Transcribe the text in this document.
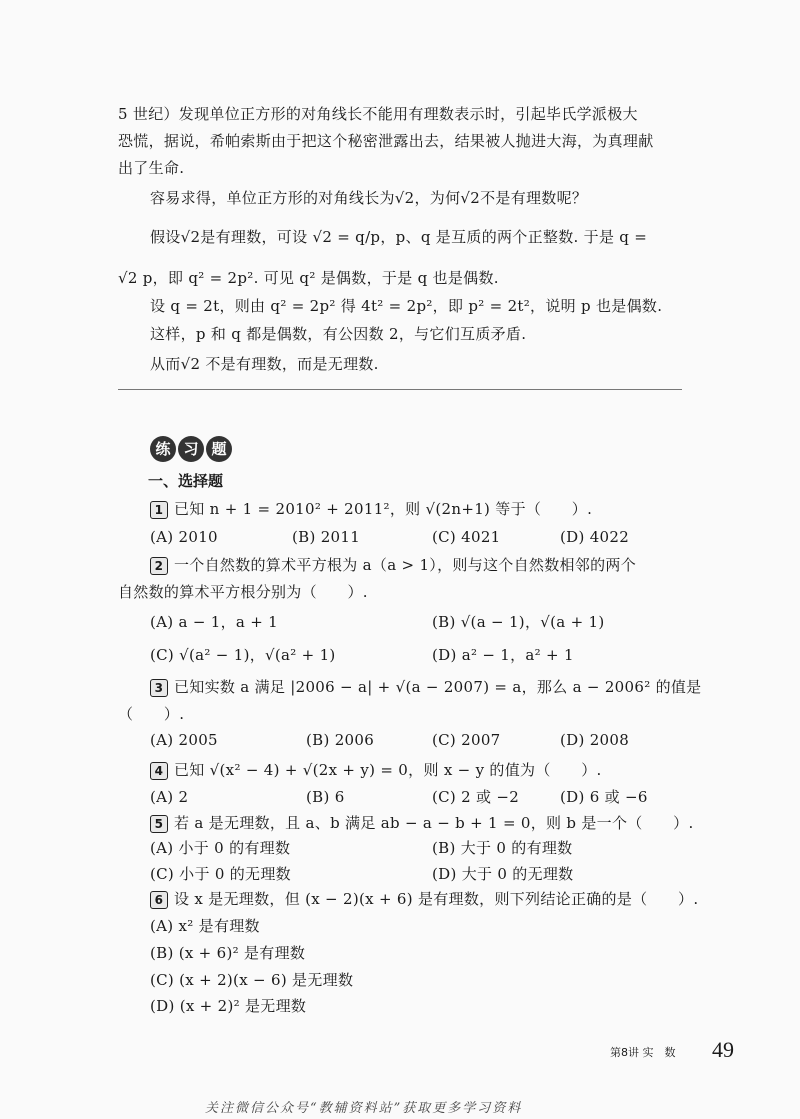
5 世纪）发现单位正方形的对角线长不能用有理数表示时，引起毕氏学派极大
恐慌，据说，希帕索斯由于把这个秘密泄露出去，结果被人抛进大海，为真理献
出了生命.
容易求得，单位正方形的对角线长为√2，为何√2不是有理数呢？
假设√2是有理数，可设 √2 = q/p，p、q 是互质的两个正整数. 于是 q =
√2 p，即 q² = 2p². 可见 q² 是偶数，于是 q 也是偶数.
设 q = 2t，则由 q² = 2p² 得 4t² = 2p²，即 p² = 2t²，说明 p 也是偶数.
这样，p 和 q 都是偶数，有公因数 2，与它们互质矛盾.
从而√2 不是有理数，而是无理数.
练 习 题
一、选择题
1 已知 n + 1 = 2010² + 2011²，则 √(2n+1) 等于（　　）.
(A) 2010	(B) 2011	(C) 4021	(D) 4022
2 一个自然数的算术平方根为 a（a > 1），则与这个自然数相邻的两个
自然数的算术平方根分别为（　　）.
(A) a − 1，a + 1	(B) √(a − 1)，√(a + 1)
(C) √(a² − 1)，√(a² + 1)	(D) a² − 1，a² + 1
3 已知实数 a 满足 |2006 − a| + √(a − 2007) = a，那么 a − 2006² 的值是
（　　）.
(A) 2005	(B) 2006	(C) 2007	(D) 2008
4 已知 √(x² − 4) + √(2x + y) = 0，则 x − y 的值为（　　）.
(A) 2	(B) 6	(C) 2 或 −2	(D) 6 或 −6
5 若 a 是无理数，且 a、b 满足 ab − a − b + 1 = 0，则 b 是一个（　　）.
(A) 小于 0 的有理数	(B) 大于 0 的有理数
(C) 小于 0 的无理数	(D) 大于 0 的无理数
6 设 x 是无理数，但 (x − 2)(x + 6) 是有理数，则下列结论正确的是（　　）.
(A) x² 是有理数
(B) (x + 6)² 是有理数
(C) (x + 2)(x − 6) 是无理数
(D) (x + 2)² 是无理数
第8讲 实　数 49
关注微信公众号“教辅资料站”获取更多学习资料
